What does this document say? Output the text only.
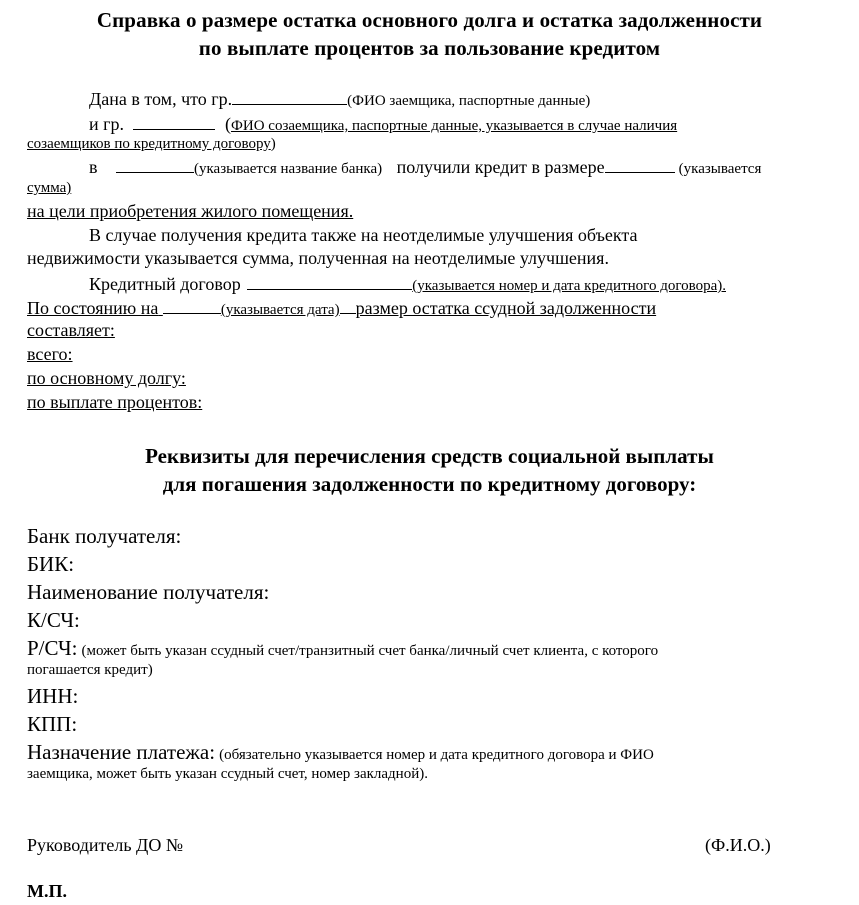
Справка о размере остатка основного долга и остатка задолженности
по выплате процентов за пользование кредитом
Дана в том, что гр.	(ФИО заемщика, паспортные данные)
и гр.	(ФИО созаемщика, паспортные данные, указывается в случае наличия
созаемщиков по кредитному договору)
в	(указывается название банка) получили кредит в размере	(указывается
сумма)
на цели приобретения жилого помещения.
В случае получения кредита также на неотделимые улучшения объекта
недвижимости указывается сумма, полученная на неотделимые улучшения.
Кредитный договор	(указывается номер и дата кредитного договора).
По состоянию на	(указывается дата) размер остатка ссудной задолженности
составляет:
всего:
по основному долгу:
по выплате процентов:
Реквизиты для перечисления средств социальной выплаты
для погашения задолженности по кредитному договору:
Банк получателя:
БИК:
Наименование получателя:
К/СЧ:
Р/СЧ: (может быть указан ссудный счет/транзитный счет банка/личный счет клиента, с которого
погашается кредит)
ИНН:
КПП:
Назначение платежа: (обязательно указывается номер и дата кредитного договора и ФИО
заемщика, может быть указан ссудный счет, номер закладной).
Руководитель ДО №	(Ф.И.О.)
М.П.
